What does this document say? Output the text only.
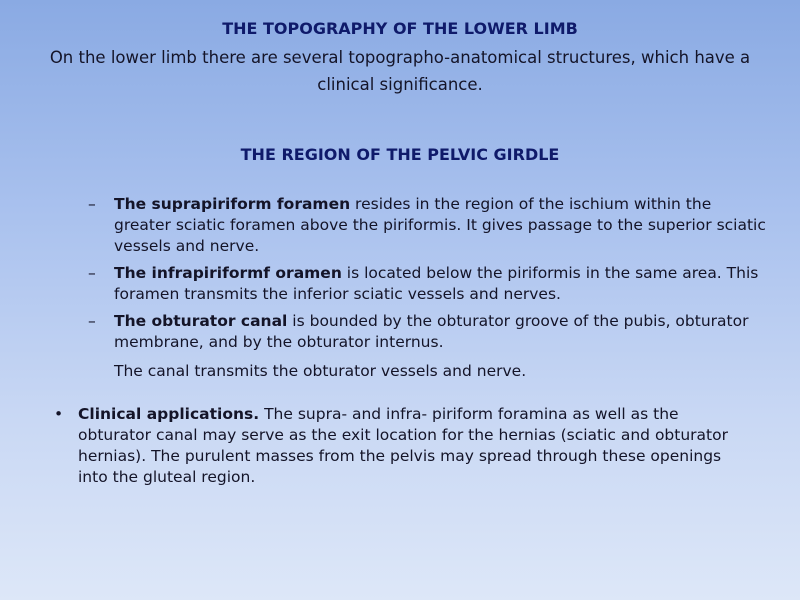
THE TOPOGRAPHY OF THE LOWER LIMB
On the lower limb there are several topographo-anatomical structures, which have a clinical significance.
THE REGION OF THE PELVIC GIRDLE
– The suprapiriform foramen resides in the region of the ischium within the greater sciatic foramen above the piriformis. It gives passage to the superior sciatic vessels and nerve.
– The infrapiriformf oramen is located below the piriformis in the same area. This foramen transmits the inferior sciatic vessels and nerves.
– The obturator canal is bounded by the obturator groove of the pubis, obturator membrane, and by the obturator internus.
The canal transmits the obturator vessels and nerve.
• Clinical applications. The supra- and infra- piriform foramina as well as the obturator canal may serve as the exit location for the hernias (sciatic and obturator hernias). The purulent masses from the pelvis may spread through these openings into the gluteal region.
